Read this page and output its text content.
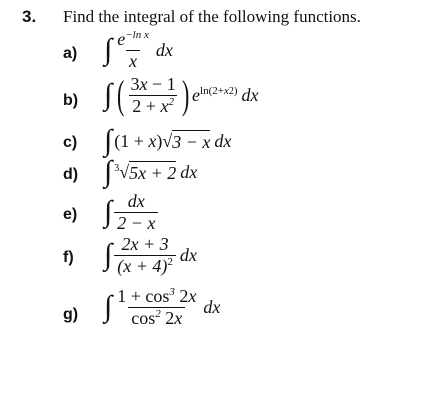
3. Find the integral of the following functions.
a) ∫ $\frac{e^{-ln x}}{x}$ dx
b) ∫ ( $\frac{3x - 1}{2 + x^2}$ ) $e^{ln(2+x2)}$ dx
c) ∫ (1 + x) √ 3 − x dx
d) ∫ $^3$√ 5x + 2 dx
e) ∫ $\frac{dx}{2 - x}$
f) ∫ $\frac{2x + 3}{(x + 4)^2}$ dx
g) ∫ $\frac{1 + \cos^3 2x}{\cos^2 2x}$ dx
